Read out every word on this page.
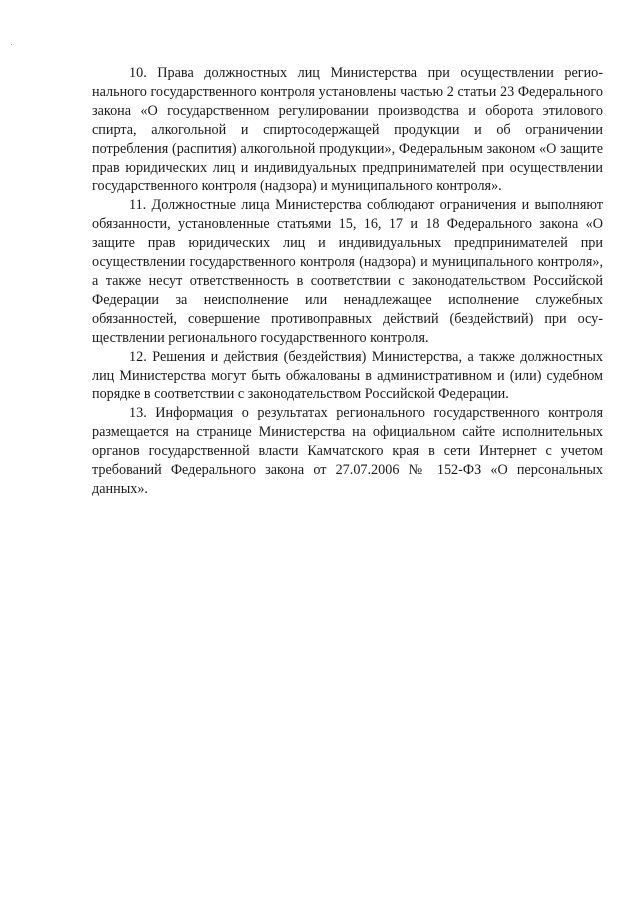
10. Права должностных лиц Министерства при осуществлении регионального государственного контроля установлены частью 2 статьи 23 Федерального закона «О государственном регулировании производства и оборота этилового спирта, алкогольной и спиртосодержащей продукции и об ограничении потребления (распития) алкогольной продукции», Федеральным законом «О защите прав юридических лиц и индивидуальных предпринимателей при осуществлении государственного контроля (надзора) и муниципального контроля».

11. Должностные лица Министерства соблюдают ограничения и выполняют обязанности, установленные статьями 15, 16, 17 и 18 Федерального закона «О защите прав юридических лиц и индивидуальных предпринимателей при осуществлении государственного контроля (надзора) и муниципального контроля», а также несут ответственность в соответствии с законодательством Российской Федерации за неисполнение или ненадлежащее исполнение служебных обязанностей, совершение противоправных действий (бездействий) при осуществлении регионального государственного контроля.

12. Решения и действия (бездействия) Министерства, а также должностных лиц Министерства могут быть обжалованы в административном и (или) судебном порядке в соответствии с законодательством Российской Федерации.

13. Информация о результатах регионального государственного контроля размещается на странице Министерства на официальном сайте исполнительных органов государственной власти Камчатского края в сети Интернет с учетом требований Федерального закона от 27.07.2006 № 152-ФЗ «О персональных данных».
